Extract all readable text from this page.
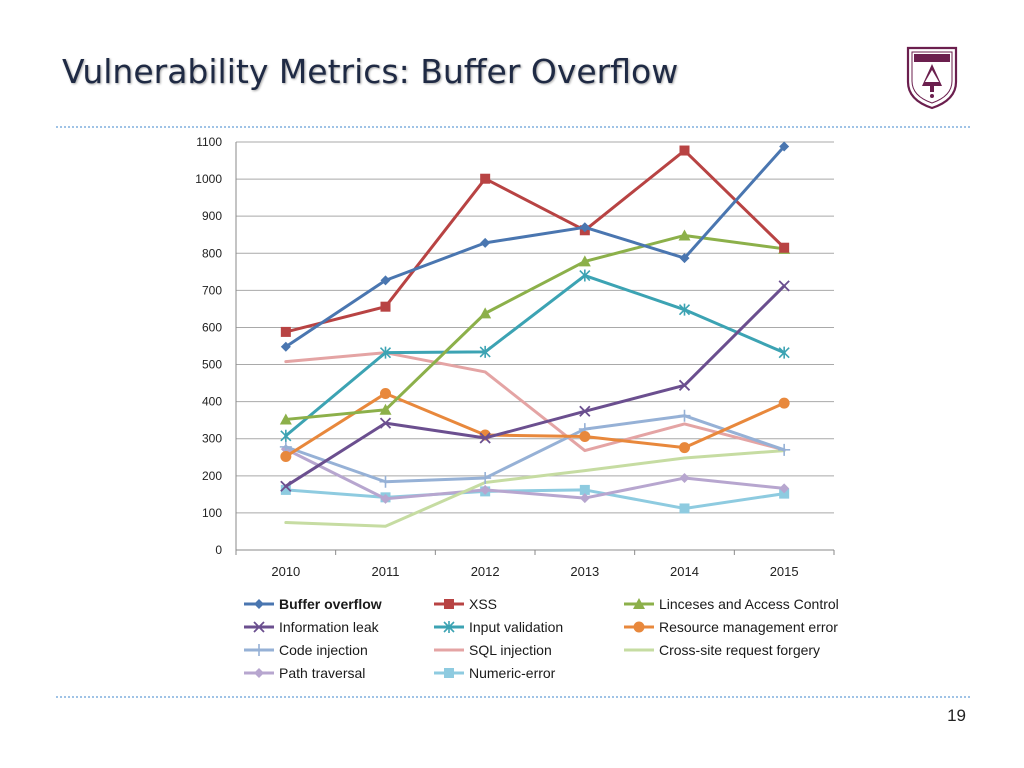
Vulnerability Metrics: Buffer Overflow
0
100
200
300
400
500
600
700
800
900
1000
1100
2010	2011	2012	2013	2014	2015
Buffer overflow	XSS	Linceses and Access Control
Information leak	Input validation	Resource management error
Code injection	SQL injection	Cross-site request forgery
Path traversal	Numeric-error
19
